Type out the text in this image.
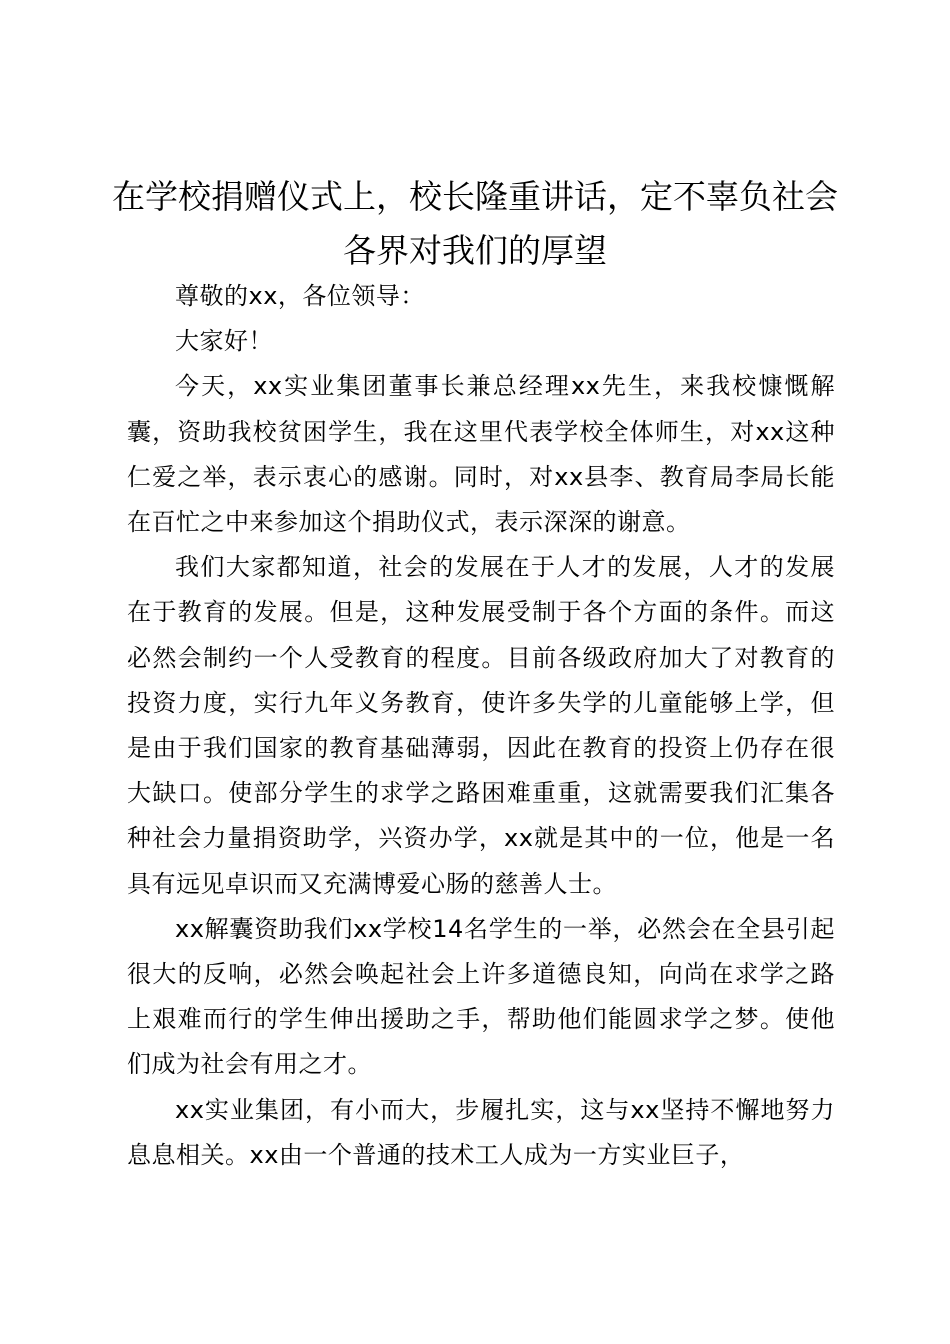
在学校捐赠仪式上，校长隆重讲话，定不辜负社会各界对我们的厚望

尊敬的xx，各位领导：

大家好！

今天，xx实业集团董事长兼总经理xx先生，来我校慷慨解囊，资助我校贫困学生，我在这里代表学校全体师生，对xx这种仁爱之举，表示衷心的感谢。同时，对xx县李、教育局李局长能在百忙之中来参加这个捐助仪式，表示深深的谢意。

我们大家都知道，社会的发展在于人才的发展，人才的发展在于教育的发展。但是，这种发展受制于各个方面的条件。而这必然会制约一个人受教育的程度。目前各级政府加大了对教育的投资力度，实行九年义务教育，使许多失学的儿童能够上学，但是由于我们国家的教育基础薄弱，因此在教育的投资上仍存在很大缺口。使部分学生的求学之路困难重重，这就需要我们汇集各种社会力量捐资助学，兴资办学，xx就是其中的一位，他是一名具有远见卓识而又充满博爱心肠的慈善人士。

xx解囊资助我们xx学校14名学生的一举，必然会在全县引起很大的反响，必然会唤起社会上许多道德良知，向尚在求学之路上艰难而行的学生伸出援助之手，帮助他们能圆求学之梦。使他们成为社会有用之才。

xx实业集团，有小而大，步履扎实，这与xx坚持不懈地努力息息相关。xx由一个普通的技术工人成为一方实业巨子，
